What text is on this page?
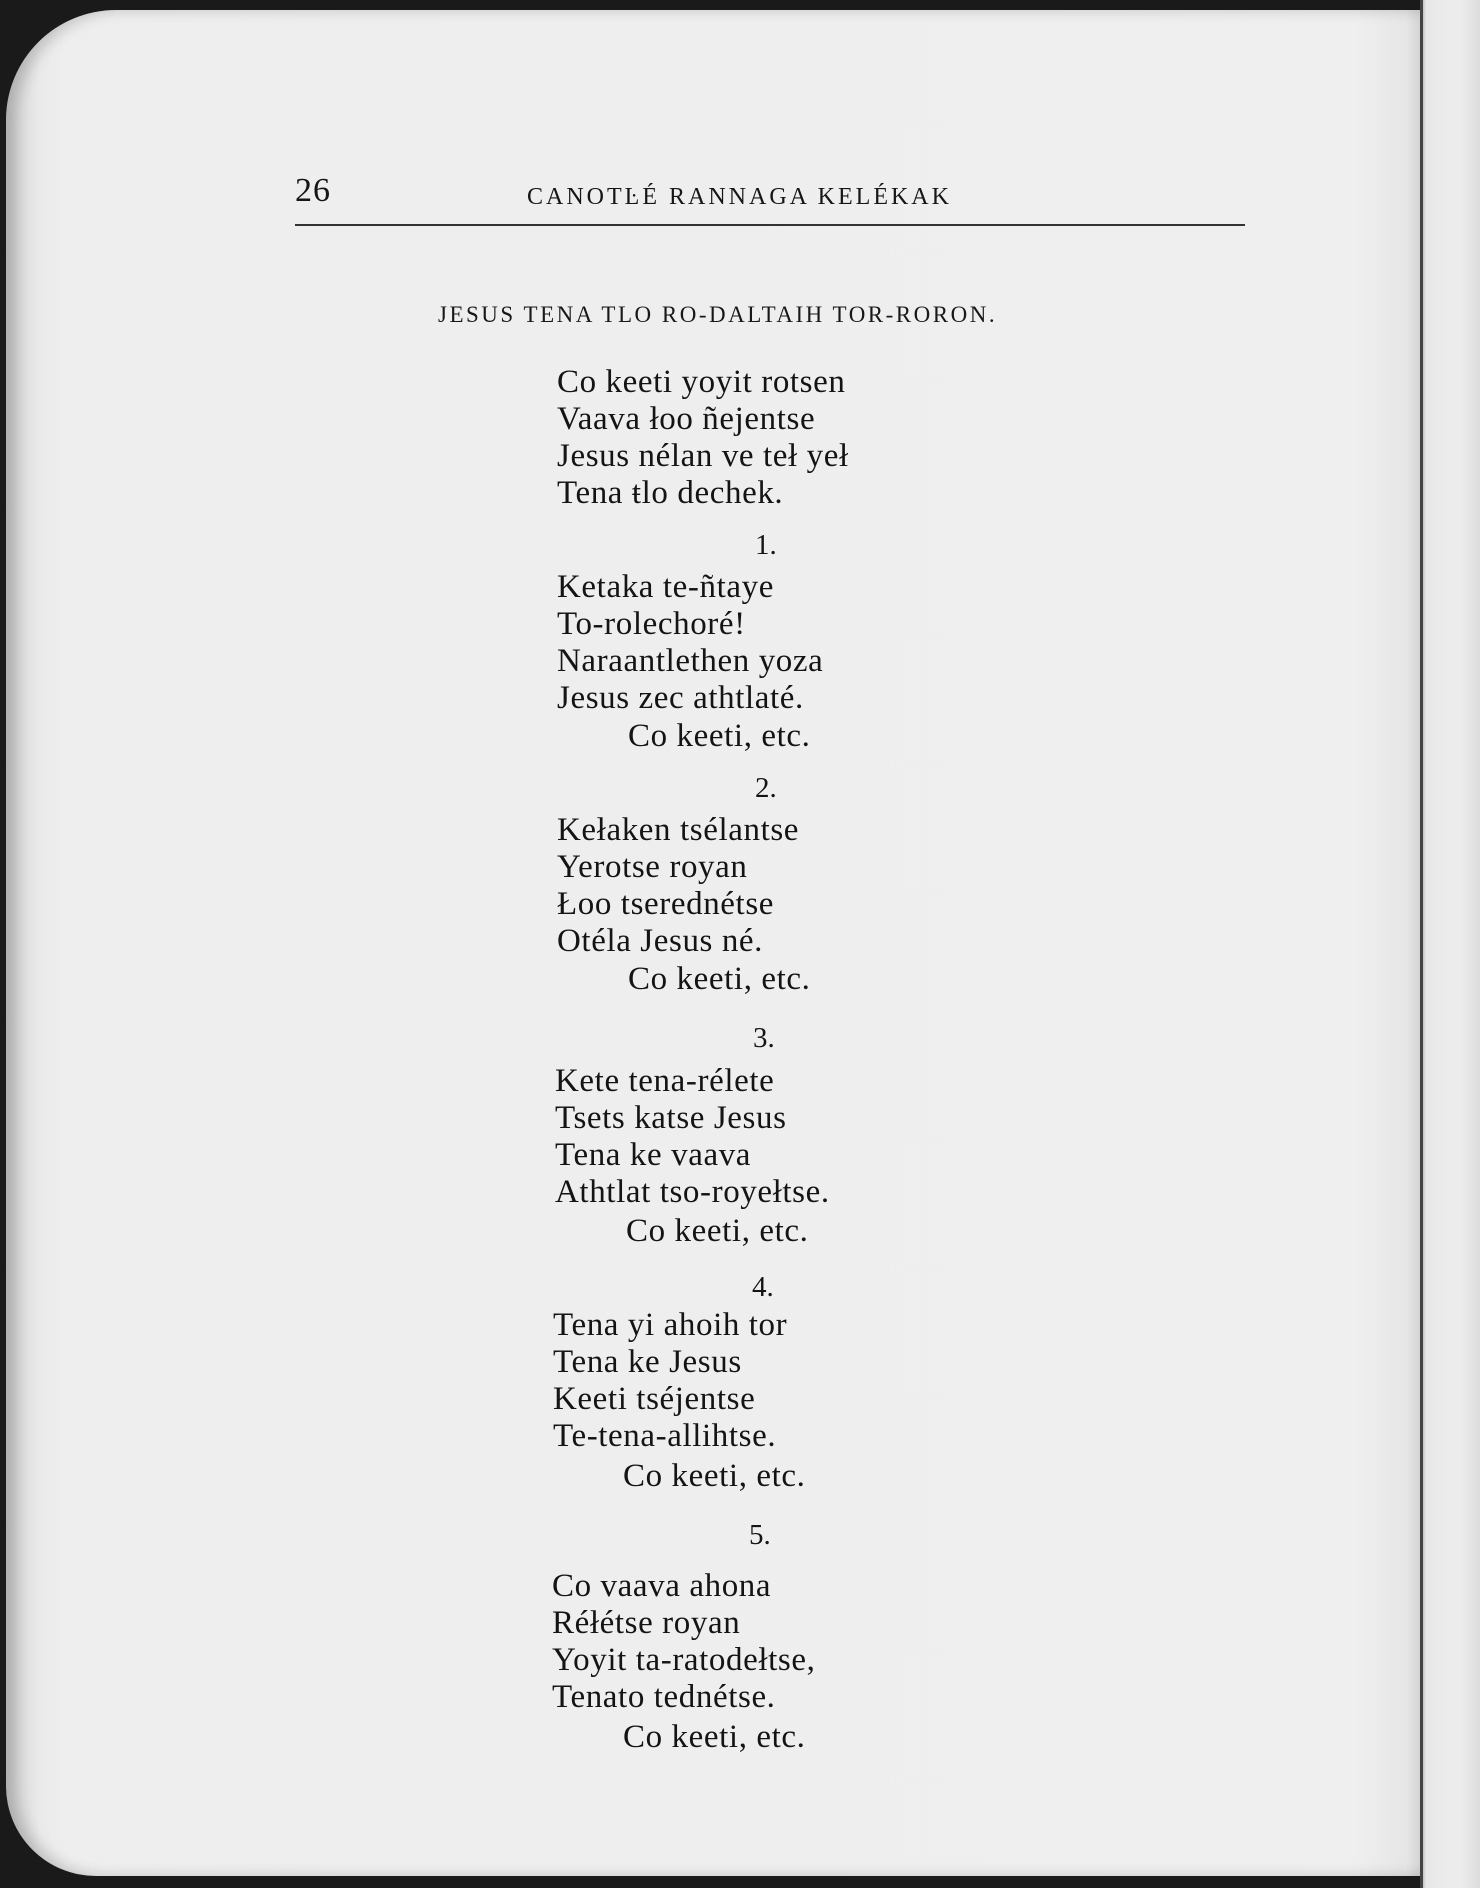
26	CANOTĿÉ RANNAGA KELÉKAK
JESUS TENA TLO RO-DALTAIH TOR-RORON.
Co keeti yoyit rotsen
Vaava łoo ñejentse
Jesus nélan ve teł yeł
Tena ŧlo dechek.
1.
Ketaka te-ñtaye
To-rolechoré!
Naraantlethen yoza
Jesus zec athtlaté.
Co keeti, etc.
2.
Kełaken tsélantse
Yerotse royan
Łoo tserednétse
Otéla Jesus né.
Co keeti, etc.
3.
Kete tena-rélete
Tsets katse Jesus
Tena ke vaava
Athtlat tso-royełtse.
Co keeti, etc.
4.
Tena yi ahoih tor
Tena ke Jesus
Keeti tséjentse
Te-tena-allihtse.
Co keeti, etc.
5.
Co vaava ahona
Réłétse royan
Yoyit ta-ratodełtse,
Tenato tednétse.
Co keeti, etc.
